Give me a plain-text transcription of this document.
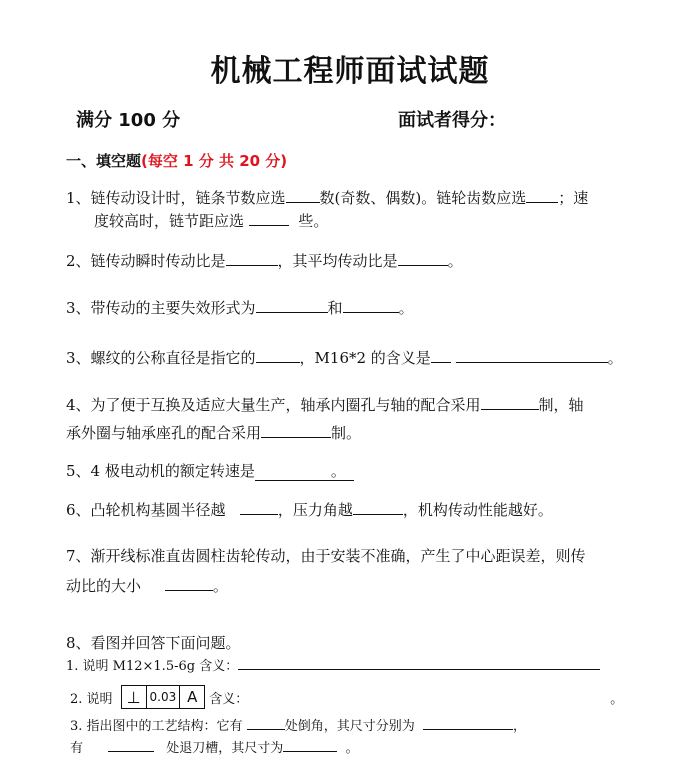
机械工程师面试试题
满分 100 分	面试者得分：
一、填空题(每空 1 分 共 20 分)
1、链传动设计时，链条节数应选 数(奇数、偶数)。链轮齿数应选 ；速
度较高时，链节距应选	些。
2、链传动瞬时传动比是	，其平均传动比是	。
3、带传动的主要失效形式为	和	。
3、螺纹的公称直径是指它的	，M16*2 的含义是	。
4、为了便于互换及适应大量生产，轴承内圈孔与轴的配合采用	制，轴
承外圈与轴承座孔的配合采用	制。
5、4 极电动机的额定转速是	。
6、凸轮机构基圆半径越	，压力角越	，机构传动性能越好。
7、渐开线标准直齿圆柱齿轮传动，由于安装不准确，产生了中心距误差，则传
动比的大小	。
8、看图并回答下面问题。
1. 说明 M12×1.5-6g 含义：
2. 说明 ⊥ 0.03 A 含义：	。
3. 指出图中的工艺结构：它有	处倒角，其尺寸分别为	，
有	处退刀槽，其尺寸为	。
